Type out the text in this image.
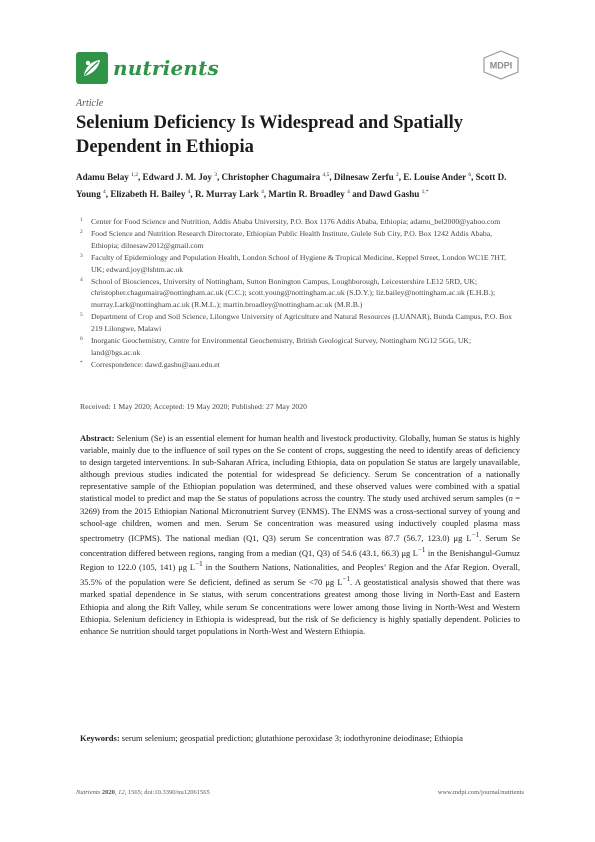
nutrients	MDPI
Article
Selenium Deficiency Is Widespread and Spatially Dependent in Ethiopia
Adamu Belay $^{1,2}$, Edward J. M. Joy $^3$, Christopher Chagumaira $^{4,5}$, Dilnesaw Zerfu $^2$, E. Louise Ander $^6$, Scott D. Young $^4$, Elizabeth H. Bailey $^4$, R. Murray Lark $^4$, Martin R. Broadley $^4$ and Dawd Gashu $^{1,*}$
1	Center for Food Science and Nutrition, Addis Ababa University, P.O. Box 1176 Addis Ababa, Ethiopia; adamu_bel2000@yahoo.com
2	Food Science and Nutrition Research Directorate, Ethiopian Public Health Institute, Gulele Sub City, P.O. Box 1242 Addis Ababa, Ethiopia; dilnesaw2012@gmail.com
3	Faculty of Epidemiology and Population Health, London School of Hygiene & Tropical Medicine, Keppel Street, London WC1E 7HT, UK; edward.joy@lshtm.ac.uk
4	School of Biosciences, University of Nottingham, Sutton Bonington Campus, Loughborough, Leicestershire LE12 5RD, UK; christopher.chagumaira@nottingham.ac.uk (C.C.); scott.young@nottingham.ac.uk (S.D.Y.); liz.bailey@nottingham.ac.uk (E.H.B.); murray.Lark@nottingham.ac.uk (R.M.L.); martin.broadley@nottingham.ac.uk (M.R.B.)
5	Department of Crop and Soil Science, Lilongwe University of Agriculture and Natural Resources (LUANAR), Bunda Campus, P.O. Box 219 Lilongwe, Malawi
6	Inorganic Geochemistry, Centre for Environmental Geochemistry, British Geological Survey, Nottingham NG12 5GG, UK; land@bgs.ac.uk
*	Correspondence: dawd.gashu@aau.edu.et
Received: 1 May 2020; Accepted: 19 May 2020; Published: 27 May 2020
Abstract: Selenium (Se) is an essential element for human health and livestock productivity. Globally, human Se status is highly variable, mainly due to the influence of soil types on the Se content of crops, suggesting the need to identify areas of deficiency to design targeted interventions. In sub-Saharan Africa, including Ethiopia, data on population Se status are largely unavailable, although previous studies indicated the potential for widespread Se deficiency. Serum Se concentration of a nationally representative sample of the Ethiopian population was determined, and these observed values were combined with a spatial statistical model to predict and map the Se status of populations across the country. The study used archived serum samples (n = 3269) from the 2015 Ethiopian National Micronutrient Survey (ENMS). The ENMS was a cross-sectional survey of young and school-age children, women and men. Serum Se concentration was measured using inductively coupled plasma mass spectrometry (ICPMS). The national median (Q1, Q3) serum Se concentration was 87.7 (56.7, 123.0) μg $L^{-1}$. Serum Se concentration differed between regions, ranging from a median (Q1, Q3) of 54.6 (43.1, 66.3) μg $L^{-1}$ in the Benishangul-Gumuz Region to 122.0 (105, 141) μg $L^{-1}$ in the Southern Nations, Nationalities, and Peoples’ Region and the Afar Region. Overall, 35.5% of the population were Se deficient, defined as serum Se <70 μg $L^{-1}$. A geostatistical analysis showed that there was marked spatial dependence in Se status, with serum concentrations greatest among those living in North-East and Eastern Ethiopia and along the Rift Valley, while serum Se concentrations were lower among those living in North-West and Western Ethiopia. Selenium deficiency in Ethiopia is widespread, but the risk of Se deficiency is highly spatially dependent. Policies to enhance Se nutrition should target populations in North-West and Western Ethiopia.
Keywords: serum selenium; geospatial prediction; glutathione peroxidase 3; iodothyronine deiodinase; Ethiopia
Nutrients 2020, 12, 1565; doi:10.3390/nu12061565	www.mdpi.com/journal/nutrients
